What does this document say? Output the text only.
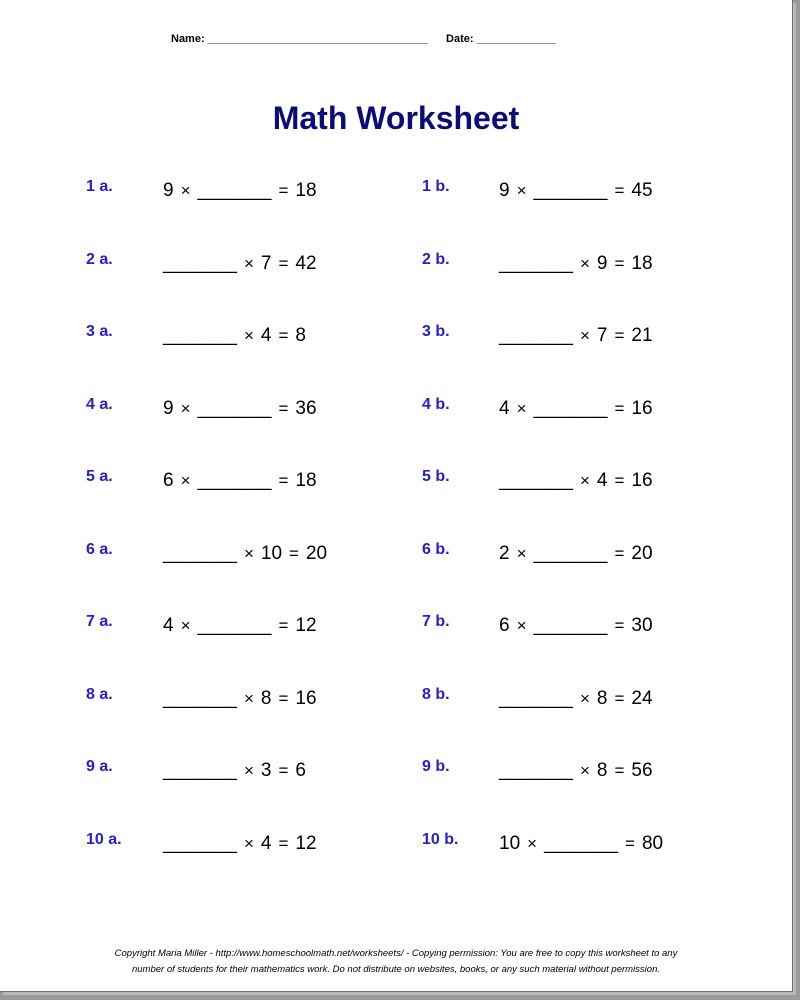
Name: ____________________________________ Date: _____________
Math Worksheet
1 a.	9 × _______ = 18	1 b.	9 × _______ = 45
2 a.	_______ × 7 = 42	2 b.	_______ × 9 = 18
3 a.	_______ × 4 = 8	3 b.	_______ × 7 = 21
4 a.	9 × _______ = 36	4 b.	4 × _______ = 16
5 a.	6 × _______ = 18	5 b.	_______ × 4 = 16
6 a.	_______ × 10 = 20	6 b.	2 × _______ = 20
7 a.	4 × _______ = 12	7 b.	6 × _______ = 30
8 a.	_______ × 8 = 16	8 b.	_______ × 8 = 24
9 a.	_______ × 3 = 6	9 b.	_______ × 8 = 56
10 a. _______ × 4 = 12	10 b. 10 × _______ = 80
Copyright Maria Miller - http://www.homeschoolmath.net/worksheets/ - Copying permission: You are free to copy this worksheet to any
number of students for their mathematics work. Do not distribute on websites, books, or any such material without permission.
